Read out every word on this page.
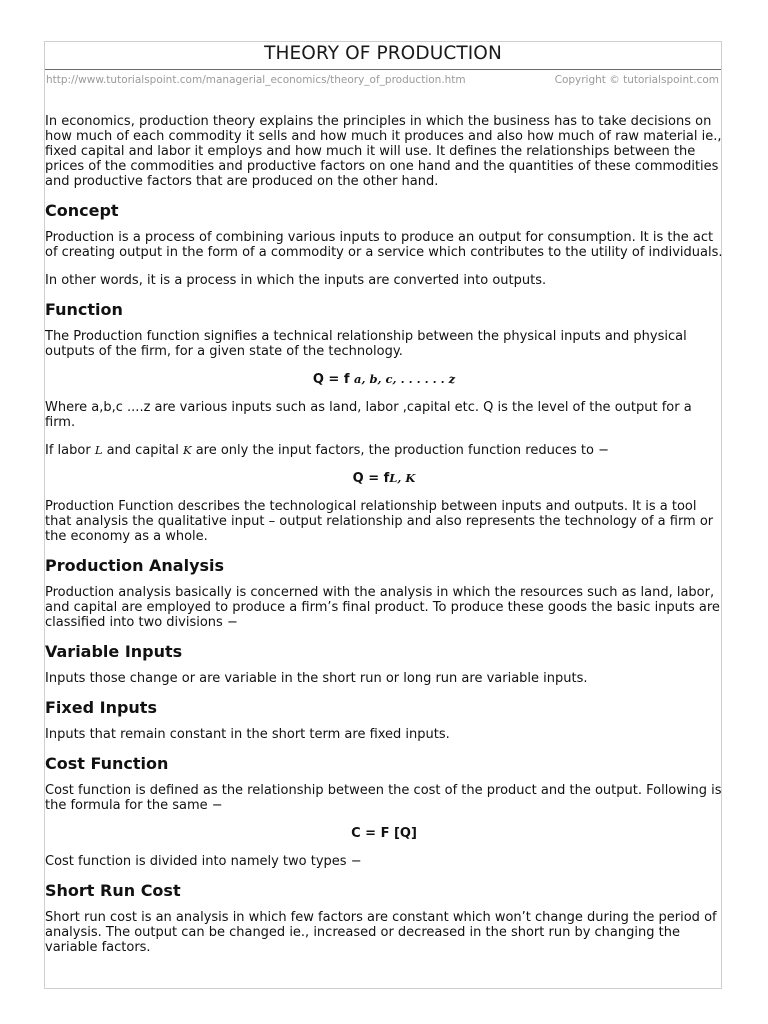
THEORY OF PRODUCTION
http://www.tutorialspoint.com/managerial_economics/theory_of_production.htm	Copyright © tutorialspoint.com

In economics, production theory explains the principles in which the business has to take decisions on how much of each commodity it sells and how much it produces and also how much of raw material ie., fixed capital and labor it employs and how much it will use. It defines the relationships between the prices of the commodities and productive factors on one hand and the quantities of these commodities and productive factors that are produced on the other hand.

Concept

Production is a process of combining various inputs to produce an output for consumption. It is the act of creating output in the form of a commodity or a service which contributes to the utility of individuals.

In other words, it is a process in which the inputs are converted into outputs.

Function

The Production function signifies a technical relationship between the physical inputs and physical outputs of the firm, for a given state of the technology.

Q = f a, b, c, . . . . . . z

Where a,b,c ....z are various inputs such as land, labor ,capital etc. Q is the level of the output for a firm.

If labor L and capital K are only the input factors, the production function reduces to −

Q = fL, K

Production Function describes the technological relationship between inputs and outputs. It is a tool that analysis the qualitative input – output relationship and also represents the technology of a firm or the economy as a whole.

Production Analysis

Production analysis basically is concerned with the analysis in which the resources such as land, labor, and capital are employed to produce a firm’s final product. To produce these goods the basic inputs are classified into two divisions −

Variable Inputs

Inputs those change or are variable in the short run or long run are variable inputs.

Fixed Inputs

Inputs that remain constant in the short term are fixed inputs.

Cost Function

Cost function is defined as the relationship between the cost of the product and the output. Following is the formula for the same −

C = F [Q]

Cost function is divided into namely two types −

Short Run Cost

Short run cost is an analysis in which few factors are constant which won’t change during the period of analysis. The output can be changed ie., increased or decreased in the short run by changing the variable factors.
